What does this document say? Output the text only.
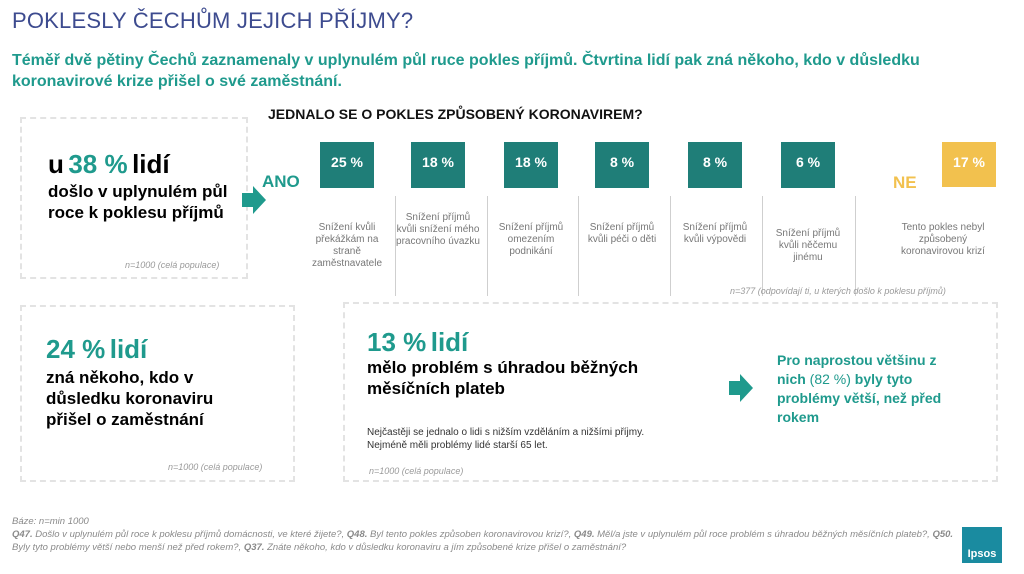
POKLESLY ČECHŮM JEJICH PŘÍJMY?
Téměř dvě pětiny Čechů zaznamenaly v uplynulém půl ruce pokles příjmů. Čtvrtina lidí pak zná někoho, kdo v důsledku koronavirové krize přišel o své zaměstnání.
u 38 % lidí
došlo v uplynulém půl roce k poklesu příjmů
n=1000 (celá populace)
JEDNALO SE O POKLES ZPŮSOBENÝ KORONAVIREM?
ANO	NE
25 %
Snížení kvůli překážkám na straně zaměstnavatele
18 %
Snížení příjmů kvůli snížení mého pracovního úvazku
18 %
Snížení příjmů omezením podnikání
8 %
Snížení příjmů kvůli péči o děti
8 %
Snížení příjmů kvůli výpovědi
6 %
Snížení příjmů kvůli něčemu jinému
17 %
Tento pokles nebyl způsobený koronavirovou krizí
n=377 (odpovídají ti, u kterých došlo k poklesu příjmů)
24 % lidí
zná někoho, kdo v důsledku koronaviru přišel o zaměstnání
n=1000 (celá populace)
13 % lidí
mělo problém s úhradou běžných měsíčních plateb
Nejčastěji se jednalo o lidi s nižším vzděláním a nižšími příjmy.
Nejméně měli problémy lidé starší 65 let.
n=1000 (celá populace)
Pro naprostou většinu z nich (82 %) byly tyto problémy větší, než před rokem
Báze: n=min 1000
Q47. Došlo v uplynulém půl roce k poklesu příjmů domácnosti, ve které žijete?, Q48. Byl tento pokles způsoben koronavirovou krizí?, Q49. Měl/a jste v uplynulém půl roce problém s úhradou běžných měsíčních plateb?, Q50. Byly tyto problémy větší nebo menší než před rokem?, Q37. Znáte někoho, kdo v důsledku koronaviru a jím způsobené krize přišel o zaměstnání?
Ipsos
